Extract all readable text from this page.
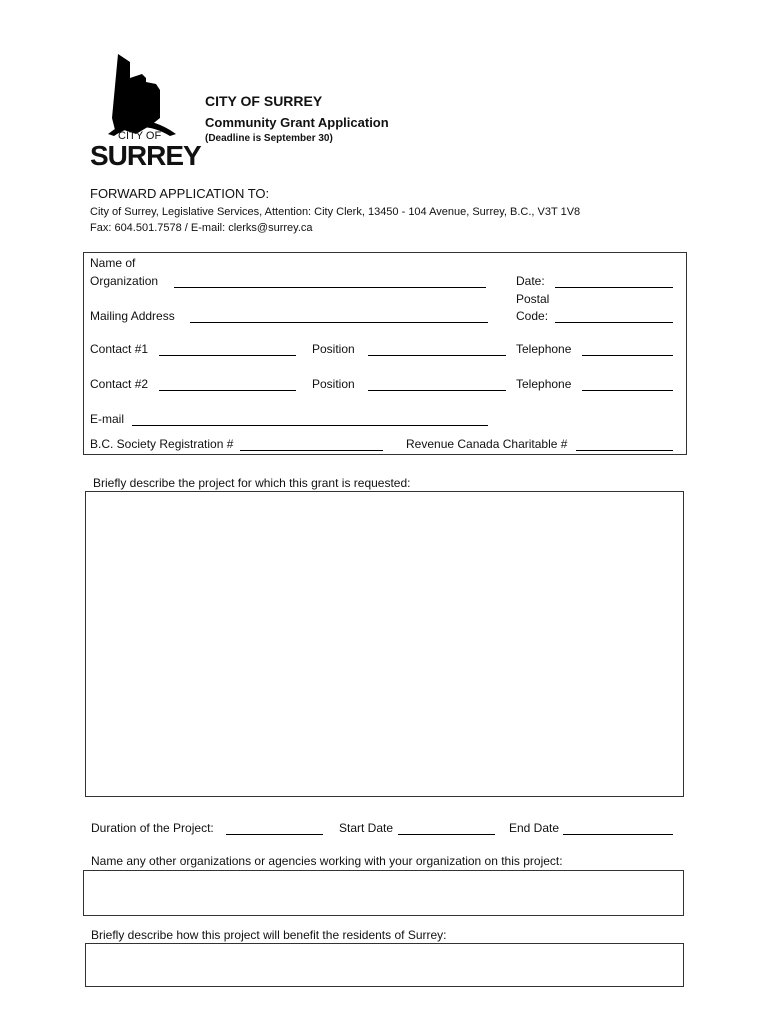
CITY OF
SURREY
CITY OF SURREY
Community Grant Application
(Deadline is September 30)
FORWARD APPLICATION TO:
City of Surrey, Legislative Services, Attention: City Clerk, 13450 - 104 Avenue, Surrey, B.C., V3T 1V8
Fax: 604.501.7578 / E-mail: clerks@surrey.ca
Name of
Organization	Date:
Postal
Mailing Address	Code:
Contact #1	Position	Telephone
Contact #2	Position	Telephone
E-mail
B.C. Society Registration #	Revenue Canada Charitable #
Briefly describe the project for which this grant is requested:
Duration of the Project:	Start Date	End Date
Name any other organizations or agencies working with your organization on this project:
Briefly describe how this project will benefit the residents of Surrey:
